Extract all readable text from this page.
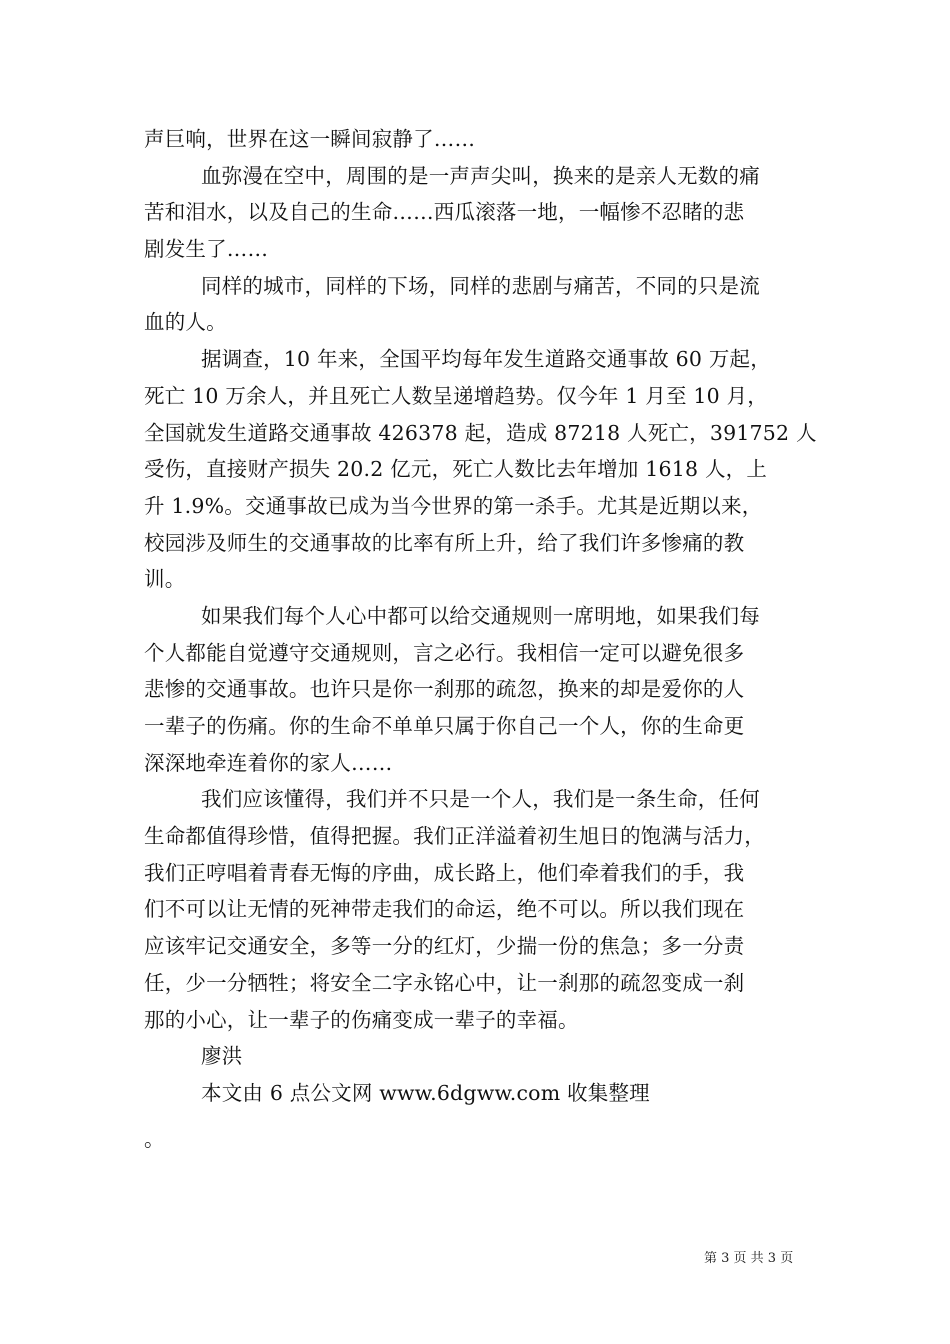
声巨响，世界在这一瞬间寂静了……
血弥漫在空中，周围的是一声声尖叫，换来的是亲人无数的痛
苦和泪水，以及自己的生命……西瓜滚落一地，一幅惨不忍睹的悲
剧发生了……
同样的城市，同样的下场，同样的悲剧与痛苦，不同的只是流
血的人。
据调查，10 年来，全国平均每年发生道路交通事故 60 万起，
死亡 10 万余人，并且死亡人数呈递增趋势。仅今年 1 月至 10 月，
全国就发生道路交通事故 426378 起，造成 87218 人死亡，391752 人
受伤，直接财产损失 20.2 亿元，死亡人数比去年增加 1618 人，上
升 1.9%。交通事故已成为当今世界的第一杀手。尤其是近期以来，
校园涉及师生的交通事故的比率有所上升，给了我们许多惨痛的教
训。
如果我们每个人心中都可以给交通规则一席明地，如果我们每
个人都能自觉遵守交通规则，言之必行。我相信一定可以避免很多
悲惨的交通事故。也许只是你一刹那的疏忽，换来的却是爱你的人
一辈子的伤痛。你的生命不单单只属于你自己一个人，你的生命更
深深地牵连着你的家人……
我们应该懂得，我们并不只是一个人，我们是一条生命，任何
生命都值得珍惜，值得把握。我们正洋溢着初生旭日的饱满与活力，
我们正哼唱着青春无悔的序曲，成长路上，他们牵着我们的手，我
们不可以让无情的死神带走我们的命运，绝不可以。所以我们现在
应该牢记交通安全，多等一分的红灯，少揣一份的焦急；多一分责
任，少一分牺牲；将安全二字永铭心中，让一刹那的疏忽变成一刹
那的小心，让一辈子的伤痛变成一辈子的幸福。
廖洪
本文由 6 点公文网 www.6dgww.com 收集整理
。
第 3 页 共 3 页
